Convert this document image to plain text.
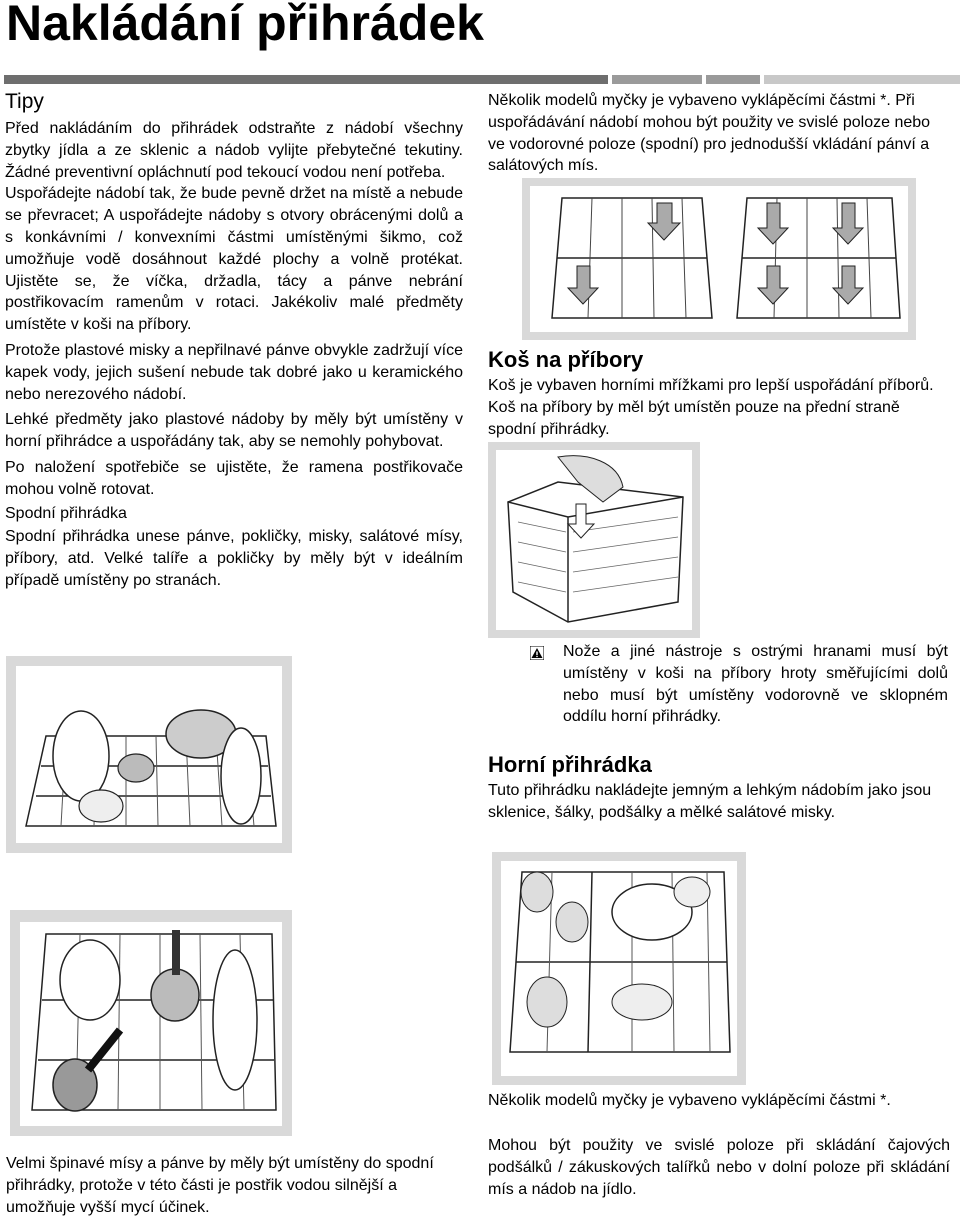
Nakládání přihrádek

Tipy

Před nakládáním do přihrádek odstraňte z nádobí všechny zbytky jídla a ze sklenic a nádob vylijte přebytečné tekutiny. Žádné preventivní opláchnutí pod tekoucí vodou není potřeba.

Uspořádejte nádobí tak, že bude pevně držet na místě a nebude se převracet; A uspořádejte nádoby s otvory obrácenými dolů a s konkávními / konvexními částmi umístěnými šikmo, což umožňuje vodě dosáhnout každé plochy a volně protékat. Ujistěte se, že víčka, držadla, tácy a pánve nebrání postřikovacím ramenům v rotaci. Jakékoliv malé předměty umístěte v koši na příbory.

Protože plastové misky a nepřilnavé pánve obvykle zadržují více kapek vody, jejich sušení nebude tak dobré jako u keramického nebo nerezového nádobí.

Lehké předměty jako plastové nádoby by měly být umístěny v horní přihrádce a uspořádány tak, aby se nemohly pohybovat.

Po naložení spotřebiče se ujistěte, že ramena postřikovače mohou volně rotovat.

Spodní přihrádka

Spodní přihrádka unese pánve, pokličky, misky, salátové mísy, příbory, atd. Velké talíře a pokličky by měly být v ideálním případě umístěny po stranách.

Velmi špinavé mísy a pánve by měly být umístěny do spodní přihrádky, protože v této části je postřik vodou silnější a umožňuje vyšší mycí účinek.

Několik modelů myčky je vybaveno vyklápěcími částmi *. Při uspořádávání nádobí mohou být použity ve svislé poloze nebo ve vodorovné poloze (spodní) pro jednodušší vkládání pánví a salátových mís.

Koš na příbory

Koš je vybaven horními mřížkami pro lepší uspořádání příborů. Koš na příbory by měl být umístěn pouze na přední straně spodní přihrádky.

Nože a jiné nástroje s ostrými hranami musí být umístěny v koši na příbory hroty směřujícími dolů nebo musí být umístěny vodorovně ve sklopném oddílu horní přihrádky.

Horní přihrádka

Tuto přihrádku nakládejte jemným a lehkým nádobím jako jsou sklenice, šálky, podšálky a mělké salátové misky.

Několik modelů myčky je vybaveno vyklápěcími částmi *.

Mohou být použity ve svislé poloze při skládání čajových podšálků / zákuskových talířků nebo v dolní poloze při skládání mís a nádob na jídlo.
